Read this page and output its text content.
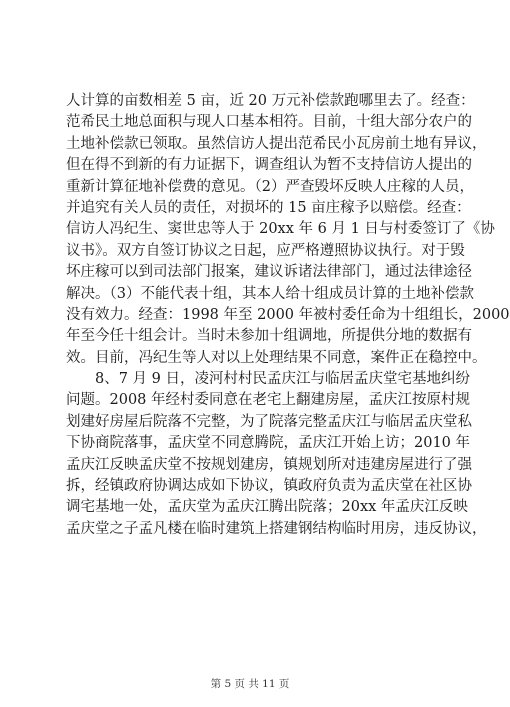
人计算的亩数相差 5 亩，近 20 万元补偿款跑哪里去了。经查：
范希民土地总面积与现人口基本相符。目前，十组大部分农户的
土地补偿款已领取。虽然信访人提出范希民小瓦房前土地有异议，
但在得不到新的有力证据下，调查组认为暂不支持信访人提出的
重新计算征地补偿费的意见。（2）严查毁坏反映人庄稼的人员，
并追究有关人员的责任，对损坏的 15 亩庄稼予以赔偿。经查：
信访人冯纪生、窦世忠等人于 20xx 年 6 月 1 日与村委签订了《协
议书》。双方自签订协议之日起，应严格遵照协议执行。对于毁
坏庄稼可以到司法部门报案，建议诉诸法律部门，通过法律途径
解决。（3）不能代表十组，其本人给十组成员计算的土地补偿款
没有效力。经查：1998 年至 2000 年被村委任命为十组组长，2000
年至今任十组会计。当时未参加十组调地，所提供分地的数据有
效。目前，冯纪生等人对以上处理结果不同意，案件正在稳控中。
8、7 月 9 日，凌河村村民孟庆江与临居孟庆堂宅基地纠纷
问题。2008 年经村委同意在老宅上翻建房屋，孟庆江按原村规
划建好房屋后院落不完整，为了院落完整孟庆江与临居孟庆堂私
下协商院落事，孟庆堂不同意腾院，孟庆江开始上访；2010 年
孟庆江反映孟庆堂不按规划建房，镇规划所对违建房屋进行了强
拆，经镇政府协调达成如下协议，镇政府负责为孟庆堂在社区协
调宅基地一处，孟庆堂为孟庆江腾出院落；20xx 年孟庆江反映
孟庆堂之子孟凡楼在临时建筑上搭建钢结构临时用房，违反协议，
第 5 页 共 11 页
